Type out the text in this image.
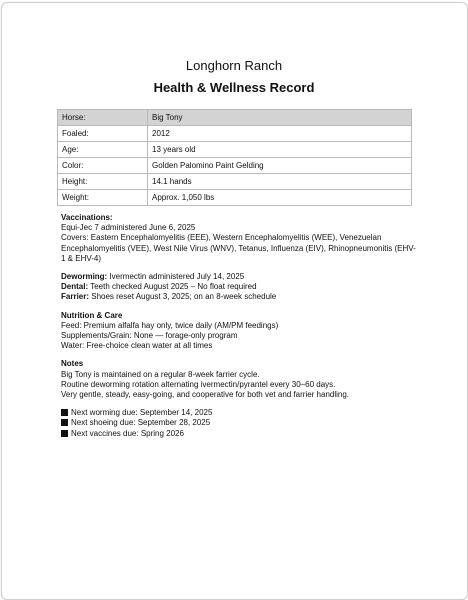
Longhorn Ranch
Health & Wellness Record
Horse:	Big Tony
Foaled:	2012
Age:	13 years old
Color:	Golden Palomino Paint Gelding
Height:	14.1 hands
Weight:	Approx. 1,050 lbs
Vaccinations:
Equi-Jec 7 administered June 6, 2025
Covers: Eastern Encephalomyelitis (EEE), Western Encephalomyelitis (WEE), Venezuelan Encephalomyelitis (VEE), West Nile Virus (WNV), Tetanus, Influenza (EIV), Rhinopneumonitis (EHV-1 & EHV-4)
Deworming: Ivermectin administered July 14, 2025
Dental: Teeth checked August 2025 – No float required
Farrier: Shoes reset August 3, 2025; on an 8-week schedule
Nutrition & Care
Feed: Premium alfalfa hay only, twice daily (AM/PM feedings)
Supplements/Grain: None — forage-only program
Water: Free-choice clean water at all times
Notes
Big Tony is maintained on a regular 8-week farrier cycle.
Routine deworming rotation alternating ivermectin/pyrantel every 30–60 days.
Very gentle, steady, easy-going, and cooperative for both vet and farrier handling.
Next worming due: September 14, 2025
Next shoeing due: September 28, 2025
Next vaccines due: Spring 2026
